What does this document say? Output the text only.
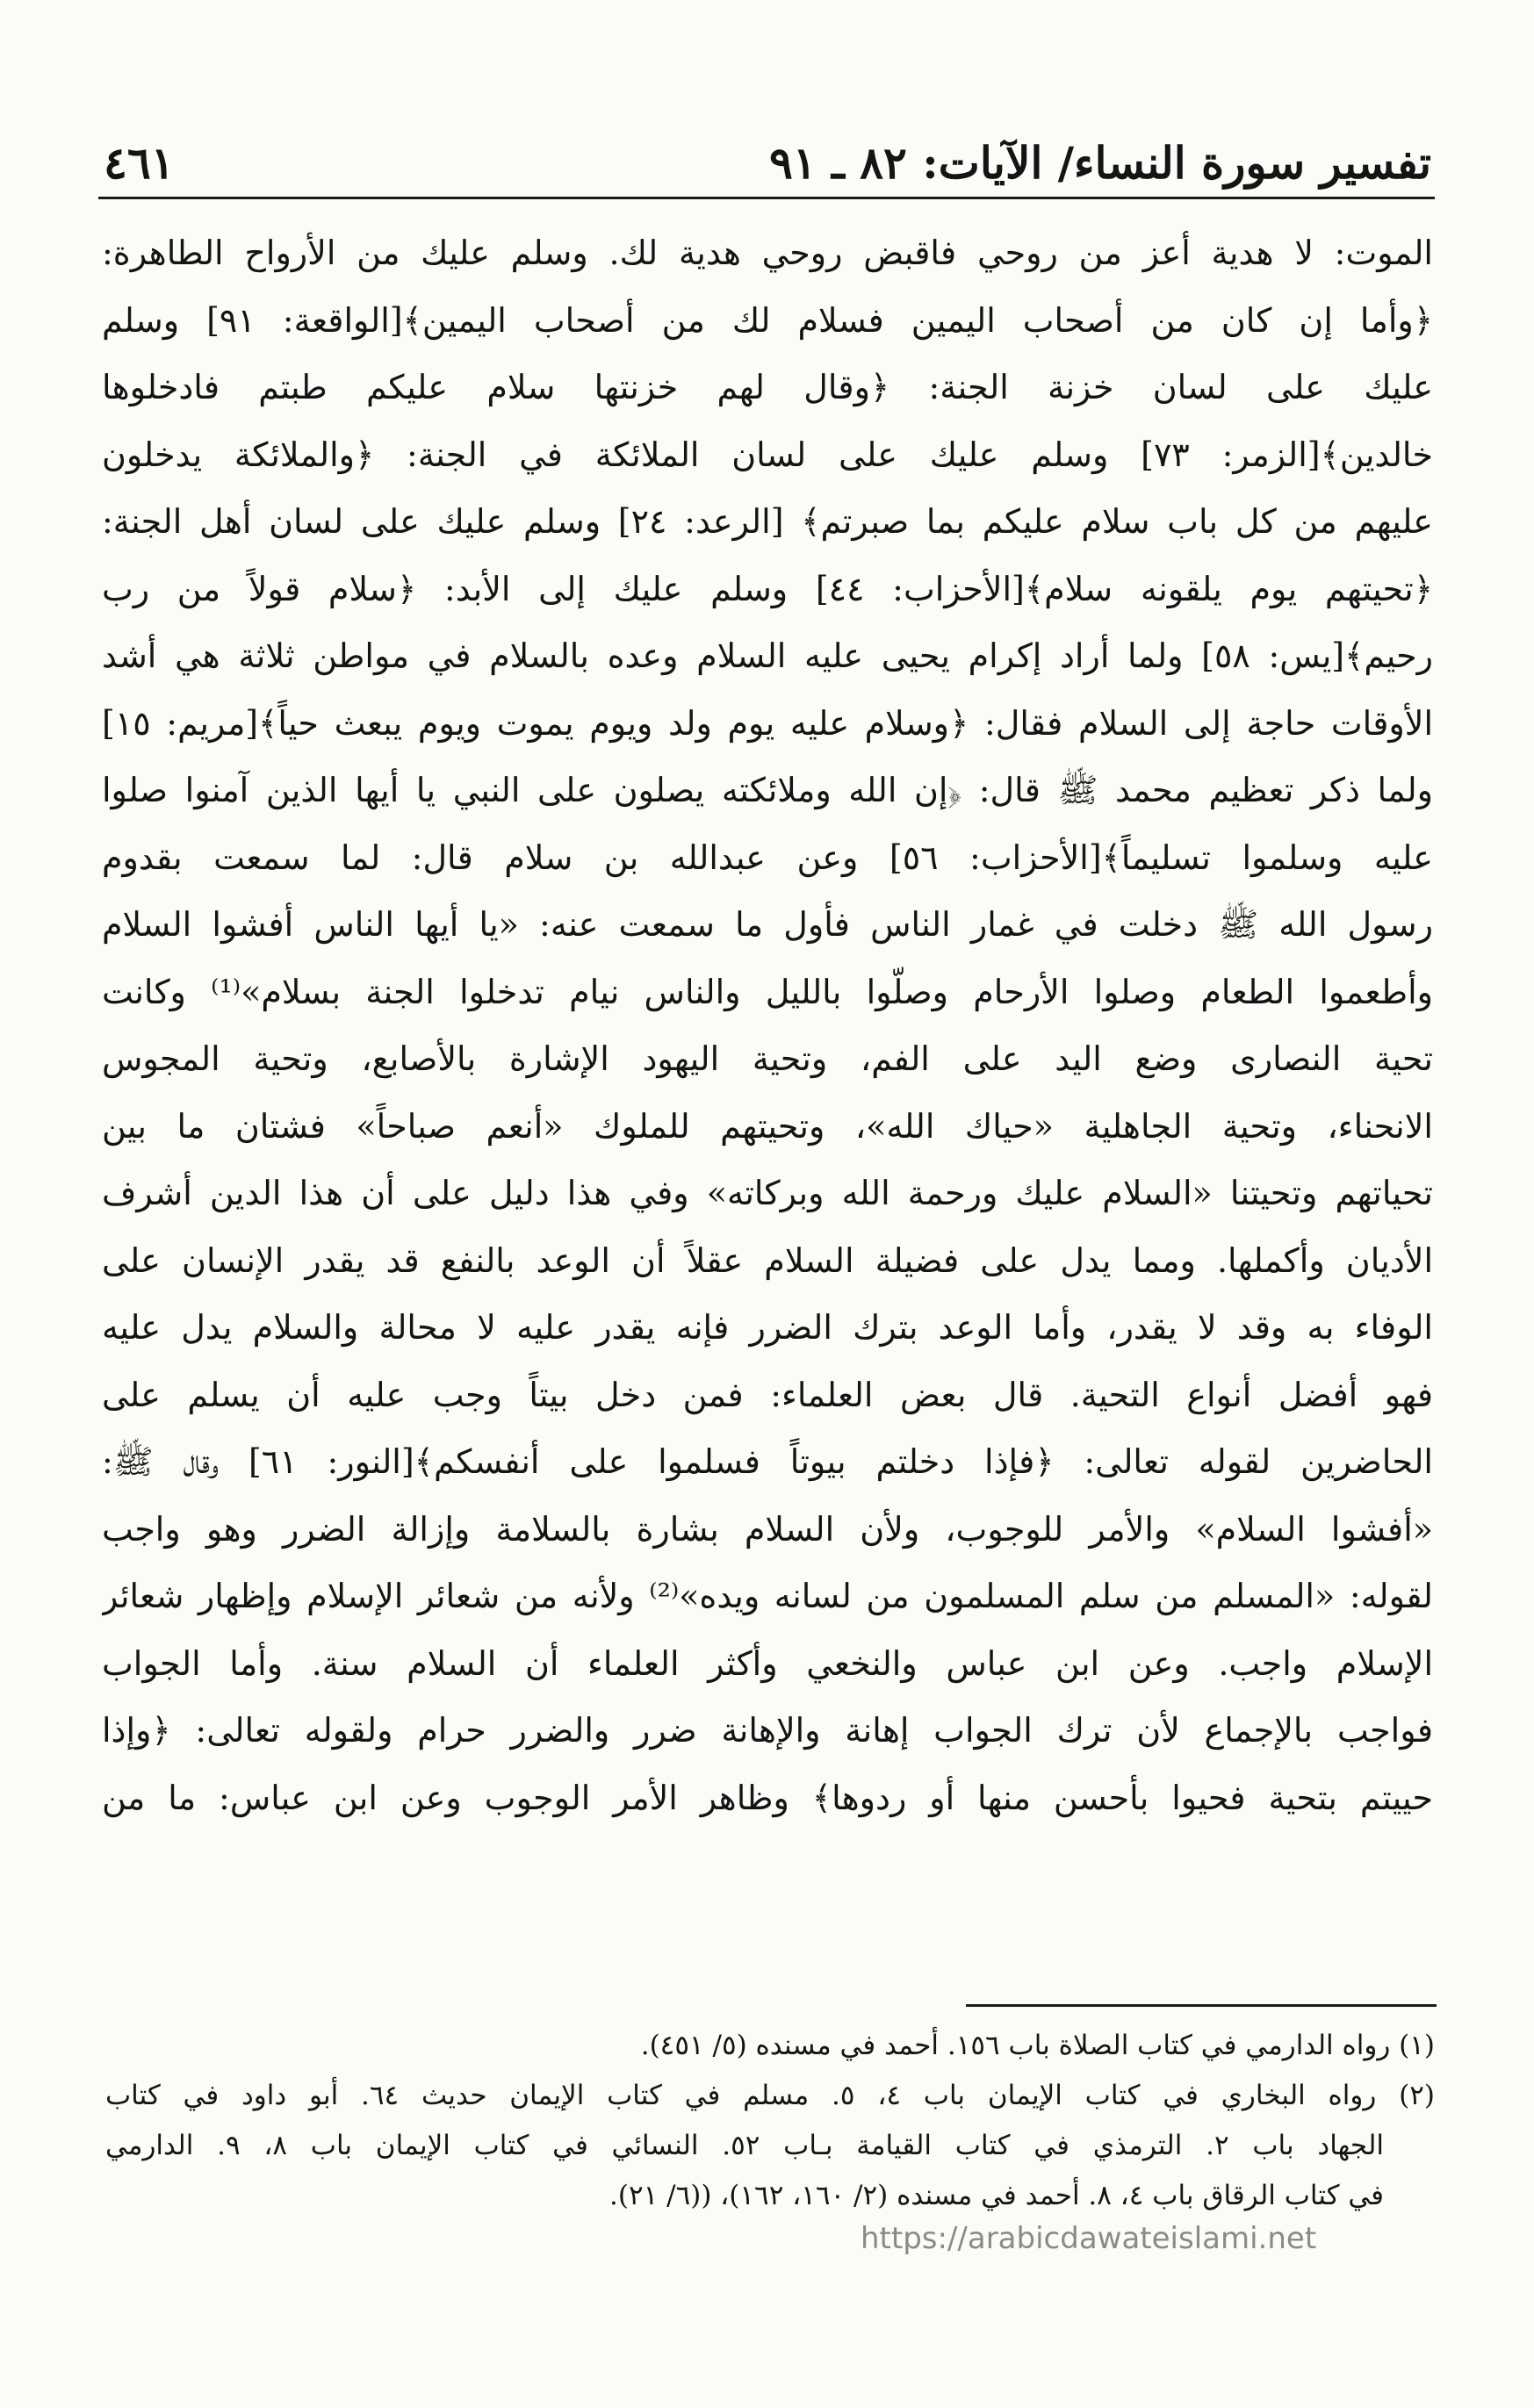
تفسير سورة النساء/ الآيات: ٨٢ ـ ٩١
٤٦١
الموت: لا هدية أعز من روحي فاقبض روحي هدية لك. وسلم عليك من الأرواح الطاهرة:
﴿وأما إن كان من أصحاب اليمين فسلام لك من أصحاب اليمين﴾[الواقعة: ٩١] وسلم
عليك على لسان خزنة الجنة: ﴿وقال لهم خزنتها سلام عليكم طبتم فادخلوها
خالدين﴾[الزمر: ٧٣] وسلم عليك على لسان الملائكة في الجنة: ﴿والملائكة يدخلون
عليهم من كل باب سلام عليكم بما صبرتم﴾ [الرعد: ٢٤] وسلم عليك على لسان أهل الجنة:
﴿تحيتهم يوم يلقونه سلام﴾[الأحزاب: ٤٤] وسلم عليك إلى الأبد: ﴿سلام قولاً من رب
رحيم﴾[يس: ٥٨] ولما أراد إكرام يحيى عليه السلام وعده بالسلام في مواطن ثلاثة هي أشد
الأوقات حاجة إلى السلام فقال: ﴿وسلام عليه يوم ولد ويوم يموت ويوم يبعث حياً﴾[مريم: ١٥]
ولما ذكر تعظيم محمد ﷺ قال: ﴿إن الله وملائكته يصلون على النبي يا أيها الذين آمنوا صلوا
عليه وسلموا تسليماً﴾[الأحزاب: ٥٦] وعن عبدالله بن سلام قال: لما سمعت بقدوم
رسول الله ﷺ دخلت في غمار الناس فأول ما سمعت عنه: «يا أيها الناس أفشوا السلام
وأطعموا الطعام وصلوا الأرحام وصلّوا بالليل والناس نيام تدخلوا الجنة بسلام»⁽¹⁾ وكانت
تحية النصارى وضع اليد على الفم، وتحية اليهود الإشارة بالأصابع، وتحية المجوس
الانحناء، وتحية الجاهلية «حياك الله»، وتحيتهم للملوك «أنعم صباحاً» فشتان ما بين
تحياتهم وتحيتنا «السلام عليك ورحمة الله وبركاته» وفي هذا دليل على أن هذا الدين أشرف
الأديان وأكملها. ومما يدل على فضيلة السلام عقلاً أن الوعد بالنفع قد يقدر الإنسان على
الوفاء به وقد لا يقدر، وأما الوعد بترك الضرر فإنه يقدر عليه لا محالة والسلام يدل عليه
فهو أفضل أنواع التحية. قال بعض العلماء: فمن دخل بيتاً وجب عليه أن يسلم على
الحاضرين لقوله تعالى: ﴿فإذا دخلتم بيوتاً فسلموا على أنفسكم﴾[النور: ٦١] وقال ﷺ:
«أفشوا السلام» والأمر للوجوب، ولأن السلام بشارة بالسلامة وإزالة الضرر وهو واجب
لقوله: «المسلم من سلم المسلمون من لسانه ويده»⁽²⁾ ولأنه من شعائر الإسلام وإظهار شعائر
الإسلام واجب. وعن ابن عباس والنخعي وأكثر العلماء أن السلام سنة. وأما الجواب
فواجب بالإجماع لأن ترك الجواب إهانة والإهانة ضرر والضرر حرام ولقوله تعالى: ﴿وإذا
حييتم بتحية فحيوا بأحسن منها أو ردوها﴾ وظاهر الأمر الوجوب وعن ابن عباس: ما من
(١) رواه الدارمي في كتاب الصلاة باب ١٥٦. أحمد في مسنده (٥/ ٤٥١).
(٢) رواه البخاري في كتاب الإيمان باب ٤، ٥. مسلم في كتاب الإيمان حديث ٦٤. أبو داود في كتاب
الجهاد باب ٢. الترمذي في كتاب القيامة بـاب ٥٢. النسائي في كتاب الإيمان باب ٨، ٩. الدارمي
في كتاب الرقاق باب ٤، ٨. أحمد في مسنده (٢/ ١٦٠، ١٦٢)، ((٦/ ٢١).
https://arabicdawateislami.net
